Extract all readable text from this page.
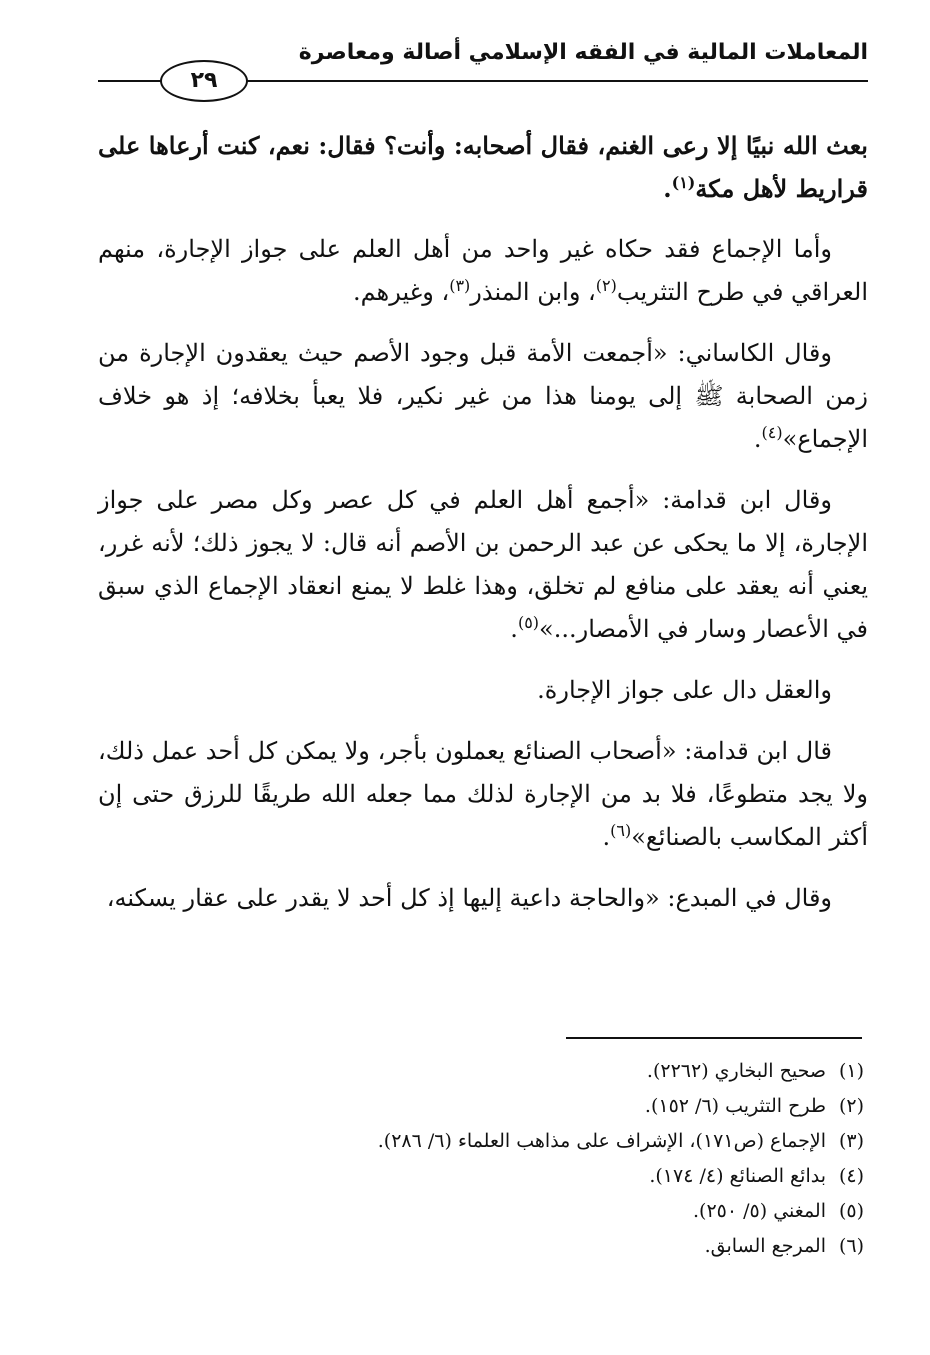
المعاملات المالية في الفقه الإسلامي أصالة ومعاصرة
٢٩

بعث الله نبيًا إلا رعى الغنم، فقال أصحابه: وأنت؟ فقال: نعم، كنت أرعاها على قراريط لأهل مكة$^{(١)}$.

وأما الإجماع فقد حكاه غير واحد من أهل العلم على جواز الإجارة، منهم العراقي في طرح التثريب$^{(٢)}$، وابن المنذر$^{(٣)}$، وغيرهم.

وقال الكاساني: «أجمعت الأمة قبل وجود الأصم حيث يعقدون الإجارة من زمن الصحابة ﷺ إلى يومنا هذا من غير نكير، فلا يعبأ بخلافه؛ إذ هو خلاف الإجماع»$^{(٤)}$.

وقال ابن قدامة: «أجمع أهل العلم في كل عصر وكل مصر على جواز الإجارة، إلا ما يحكى عن عبد الرحمن بن الأصم أنه قال: لا يجوز ذلك؛ لأنه غرر، يعني أنه يعقد على منافع لم تخلق، وهذا غلط لا يمنع انعقاد الإجماع الذي سبق في الأعصار وسار في الأمصار...»$^{(٥)}$.

والعقل دال على جواز الإجارة.

قال ابن قدامة: «أصحاب الصنائع يعملون بأجر، ولا يمكن كل أحد عمل ذلك، ولا يجد متطوعًا، فلا بد من الإجارة لذلك مما جعله الله طريقًا للرزق حتى إن أكثر المكاسب بالصنائع»$^{(٦)}$.

وقال في المبدع: «والحاجة داعية إليها إذ كل أحد لا يقدر على عقار يسكنه،

(١)صحيح البخاري (٢٢٦٢).
(٢)طرح التثريب (٦/ ١٥٢).
(٣)الإجماع (ص١٧١)، الإشراف على مذاهب العلماء (٦/ ٢٨٦).
(٤)بدائع الصنائع (٤/ ١٧٤).
(٥)المغني (٥/ ٢٥٠).
(٦)المرجع السابق.
